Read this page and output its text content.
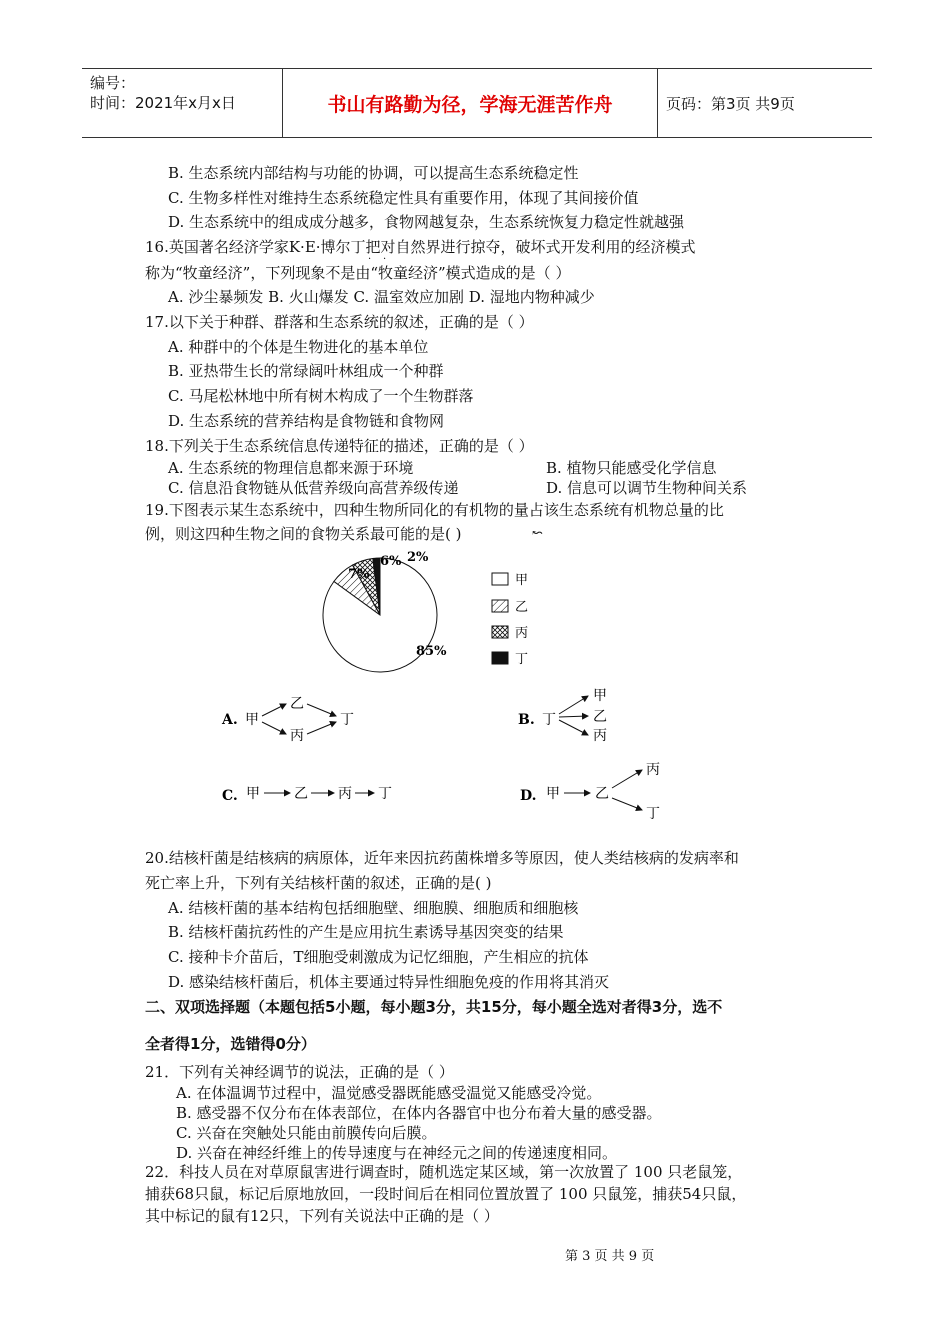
编号：
时间：2021年x月x日	书山有路勤为径，学海无涯苦作舟	页码：第3页 共9页
B. 生态系统内部结构与功能的协调，可以提高生态系统稳定性
C. 生物多样性对维持生态系统稳定性具有重要作用，体现了其间接价值
D. 生态系统中的组成成分越多，食物网越复杂，生态系统恢复力稳定性就越强
16.英国著名经济学家K·E·博尔丁把对自然界进行掠夺，破坏式开发利用的经济模式
称为“牧童经济”，下列现象不是由“牧童经济”模式造成的是（ ）
· ·
A. 沙尘暴频发 B. 火山爆发 C. 温室效应加剧 D. 湿地内物种减少
17.以下关于种群、群落和生态系统的叙述，正确的是（ ）
A. 种群中的个体是生物进化的基本单位
B. 亚热带生长的常绿阔叶林组成一个种群
C. 马尾松林地中所有树木构成了一个生物群落
D. 生态系统的营养结构是食物链和食物网
18.下列关于生态系统信息传递特征的描述，正确的是（ ）
A. 生态系统的物理信息都来源于环境	B. 植物只能感受化学信息
C. 信息沿食物链从低营养级向高营养级传递	D. 信息可以调节生物种间关系
19.下图表示某生态系统中，四种生物所同化的有机物的量占该生态系统有机物总量的比
例，则这四种生物之间的食物关系最可能的是( )	↜
7%
6% 2%
85%
甲
乙
丙
丁
A. 甲
乙
丙
丁	B. 丁
甲
乙
丙
C. 甲 乙 丙 丁	D. 甲	乙
丙
丁
20.结核杆菌是结核病的病原体，近年来因抗药菌株增多等原因，使人类结核病的发病率和
死亡率上升，下列有关结核杆菌的叙述，正确的是( )
A. 结核杆菌的基本结构包括细胞壁、细胞膜、细胞质和细胞核
B. 结核杆菌抗药性的产生是应用抗生素诱导基因突变的结果
C. 接种卡介苗后，T细胞受刺激成为记忆细胞，产生相应的抗体
D. 感染结核杆菌后，机体主要通过特异性细胞免疫的作用将其消灭
二、双项选择题（本题包括5小题，每小题3分，共15分，每小题全选对者得3分，选不
全者得1分，选错得0分）
21．下列有关神经调节的说法，正确的是（ ）
A. 在体温调节过程中，温觉感受器既能感受温觉又能感受冷觉。
B. 感受器不仅分布在体表部位，在体内各器官中也分布着大量的感受器。
C. 兴奋在突触处只能由前膜传向后膜。
D. 兴奋在神经纤维上的传导速度与在神经元之间的传递速度相同。
22．科技人员在对草原鼠害进行调查时，随机选定某区域，第一次放置了 100 只老鼠笼，
捕获68只鼠，标记后原地放回，一段时间后在相同位置放置了 100 只鼠笼，捕获54只鼠，
其中标记的鼠有12只，下列有关说法中正确的是（ ）
第 3 页 共 9 页
